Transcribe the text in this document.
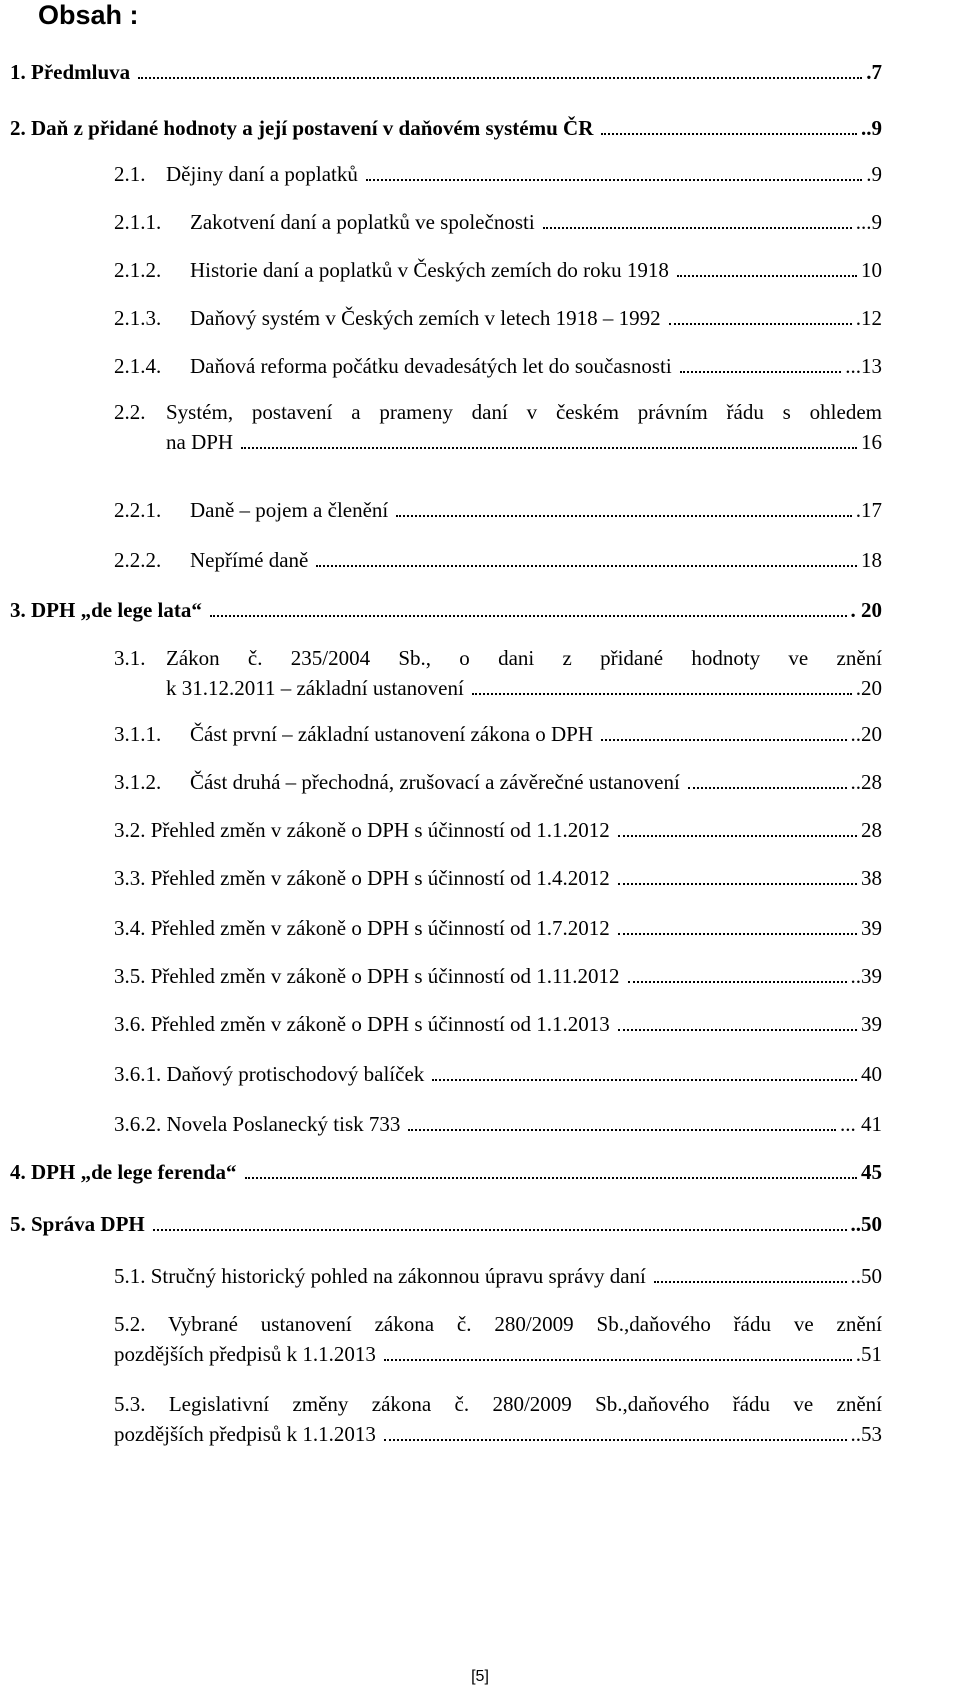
Obsah :
1. Předmluva	.7
2. Daň z přidané hodnoty a její postavení v daňovém systému ČR	..9
2.1. Dějiny daní a poplatků	.9
2.1.1. Zakotvení daní a poplatků ve společnosti	...9
2.1.2. Historie daní a poplatků v Českých zemích do roku 1918	10
2.1.3. Daňový systém v Českých zemích v letech 1918 – 1992	.12
2.1.4. Daňová reforma počátku devadesátých let do současnosti	...13
2.2. Systém, postavení a prameny daní v českém právním řádu s ohledem
na DPH	16
2.2.1. Daně – pojem a členění	.17
2.2.2. Nepřímé daně	18
3. DPH „de lege lata“	. 20
3.1. Zákon č. 235/2004 Sb., o dani z přidané hodnoty ve znění
k 31.12.2011 – základní ustanovení	.20
3.1.1. Část první – základní ustanovení zákona o DPH	..20
3.1.2. Část druhá – přechodná, zrušovací a závěrečné ustanovení	..28
3.2. Přehled změn v zákoně o DPH s účinností od 1.1.2012	28
3.3. Přehled změn v zákoně o DPH s účinností od 1.4.2012	38
3.4. Přehled změn v zákoně o DPH s účinností od 1.7.2012	39
3.5. Přehled změn v zákoně o DPH s účinností od 1.11.2012	..39
3.6. Přehled změn v zákoně o DPH s účinností od 1.1.2013	39
3.6.1. Daňový protischodový balíček	40
3.6.2. Novela Poslanecký tisk 733	... 41
4. DPH „de lege ferenda“	45
5. Správa DPH	..50
5.1. Stručný historický pohled na zákonnou úpravu správy daní	..50
5.2. Vybrané ustanovení zákona č. 280/2009 Sb.,daňového řádu ve znění
pozdějších předpisů k 1.1.2013	.51
5.3. Legislativní změny zákona č. 280/2009 Sb.,daňového řádu ve znění
pozdějších předpisů k 1.1.2013	..53
[5]
